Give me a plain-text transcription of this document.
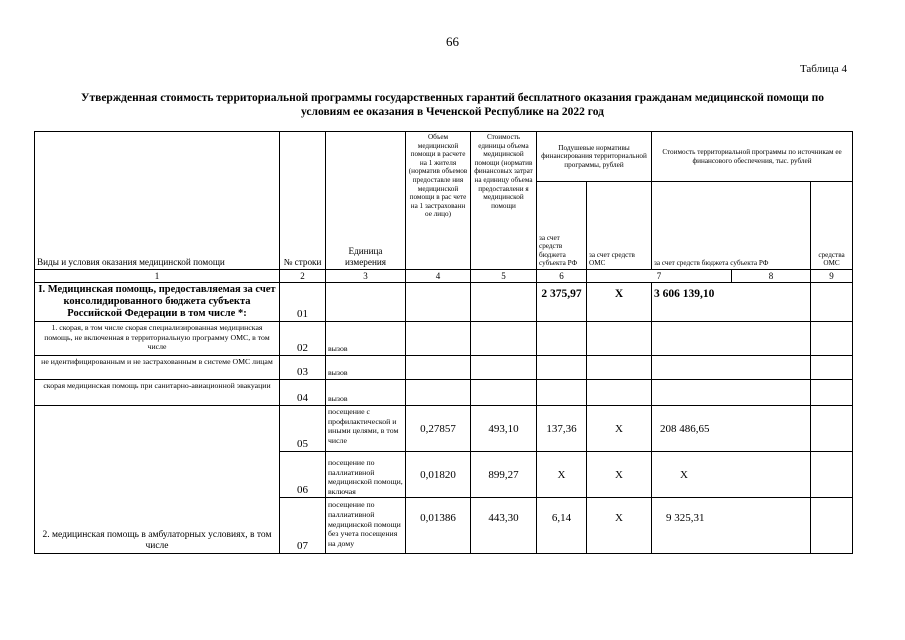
66
Таблица 4
Утвержденная стоимость территориальной программы государственных гарантий бесплатного оказания гражданам медицинской помощи по условиям ее оказания в Чеченской Республике на 2022 год
Виды и условия оказания медицинской помощи	№ строки	Единица измерения	Объем медицинской помощи в расчете на 1 жителя (норматив объемов предоставле ния медицинской помощи в рас чете на 1 застрахованн ое лицо)	Стоимость единицы объема медицинской помощи (норматив финансовых затрат на единицу объема предоставлени я медицинской помощи	Подушевые нормативы финансирования территориальной программы, рублей		Стоимость территориальной программы по источникам ее финансового обеспечения, тыс. рублей			
					за счет средств бюджета субъекта РФ	за счет средств ОМС	за счет средств бюджета субъекта РФ		средства ОМС	
1	2	3	4	5	6	7		8	9	
I. Медицинская помощь, предоставляемая за счет консолидированного бюджета субъекта Российской Федерации в том числе *:	01				2 375,97	X	3 606 139,10		
1. скорая, в том числе скорая специализированная медицинская помощь, не включенная в территориальную программу ОМС, в том числе	02	вызов								
не идентифицированным и не застрахованным в системе ОМС лицам	03	вызов								
скорая медицинская помощь при санитарно-авиационной эвакуации	04	вызов								
2. медицинская помощь в амбулаторных условиях, в том числе	05	посещение с профилактической и иными целями, в том числе	0,27857	493,10	137,36	X	208 486,65			
	06	посещение по паллиативной медицинской помощи, включая	0,01820	899,27	X	X	X			
	07	посещение по паллиативной медицинской помощи без учета посещения на дому	0,01386	443,30	6,14	X	9 325,31			
